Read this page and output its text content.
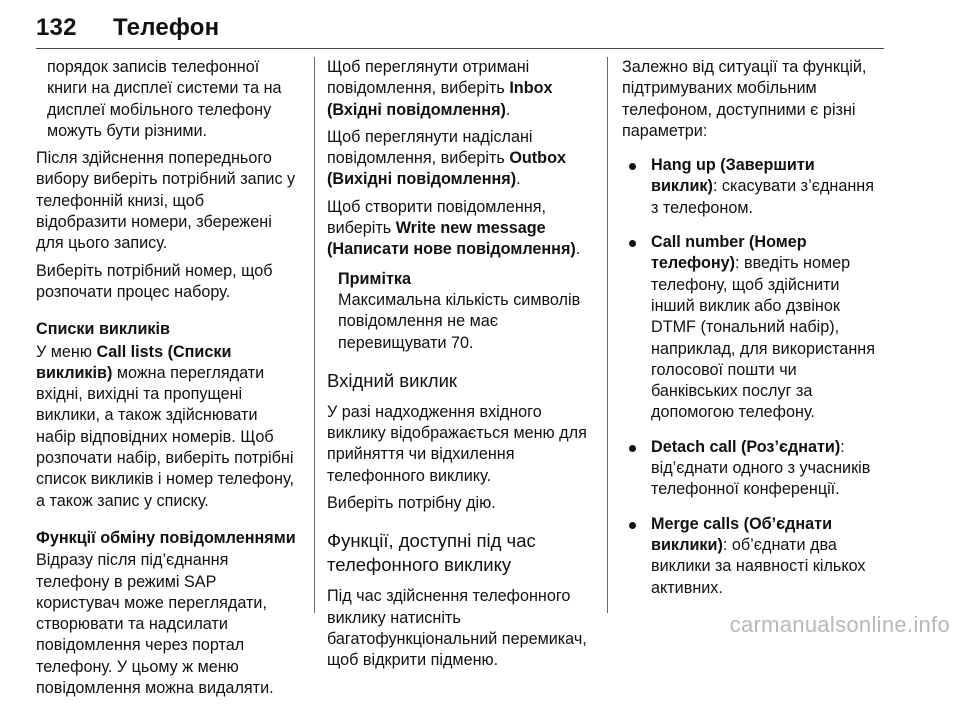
132 Телефон

порядок записів телефонної книги на дисплеї системи та на дисплеї мобільного телефону можуть бути різними.

Після здійснення попереднього вибору виберіть потрібний запис у телефонній книзі, щоб відобразити номери, збережені для цього запису.

Виберіть потрібний номер, щоб розпочати процес набору.

Списки викликів

У меню Call lists (Списки викликів) можна переглядати вхідні, вихідні та пропущені виклики, а також здійснювати набір відповідних номерів. Щоб розпочати набір, виберіть потрібні список викликів і номер телефону, а також запис у списку.

Функції обміну повідомленнями

Відразу після під’єднання телефону в режимі SAP користувач може переглядати, створювати та надсилати повідомлення через портал телефону. У цьому ж меню повідомлення можна видаляти.

Щоб переглянути отримані повідомлення, виберіть Inbox (Вхідні повідомлення).

Щоб переглянути надіслані повідомлення, виберіть Outbox (Вихідні повідомлення).

Щоб створити повідомлення, виберіть Write new message (Написати нове повідомлення).

Примітка
Максимальна кількість символів повідомлення не має перевищувати 70.
Вхідний виклик

У разі надходження вхідного виклику відображається меню для прийняття чи відхилення телефонного виклику.

Виберіть потрібну дію.

Функції, доступні під час телефонного виклику

Під час здійснення телефонного виклику натисніть багатофункціональний перемикач, щоб відкрити підменю.

Залежно від ситуації та функцій, підтримуваних мобільним телефоном, доступними є різні параметри:

Hang up (Завершити виклик): скасувати з’єднання з телефоном.
Call number (Номер телефону): введіть номер телефону, щоб здійснити інший виклик або дзвінок DTMF (тональний набір), наприклад, для використання голосової пошти чи банківських послуг за допомогою телефону.
Detach call (Роз’єднати): від’єднати одного з учасників телефонної конференції.
Merge calls (Об’єднати виклики): об’єднати два виклики за наявності кількох активних.
carmanualsonline.info
